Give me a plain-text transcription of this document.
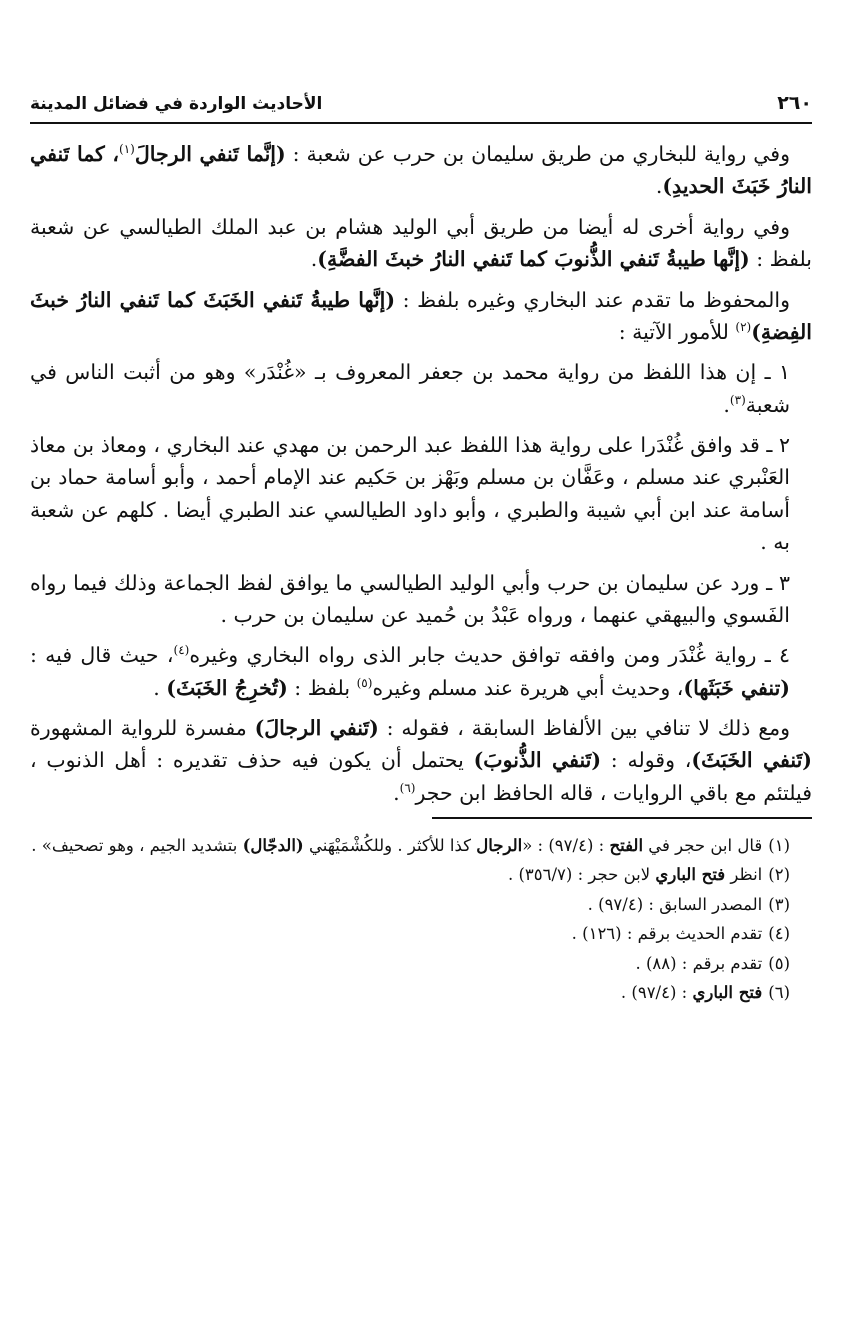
٢٦٠
الأحاديث الواردة في فضائل المدينة

وفي رواية للبخاري من طريق سليمان بن حرب عن شعبة : (إنَّما تَنفي الرجالَ$^{(١)}$، كما تَنفي النارُ خَبَثَ الحديدِ).

وفي رواية أخرى له أيضا من طريق أبي الوليد هشام بن عبد الملك الطيالسي عن شعبة بلفظ : (إنَّها طيبةُ تَنفي الذُّنوبَ كما تَنفي النارُ خبثَ الفضَّةِ).

والمحفوظ ما تقدم عند البخاري وغيره بلفظ : (إنَّها طيبةُ تَنفي الخَبَثَ كما تَنفي النارُ خبثَ الفِضةِ)$^{(٢)}$ للأمور الآتية :

١ ـ إن هذا اللفظ من رواية محمد بن جعفر المعروف بـ «غُنْدَر» وهو من أثبت الناس في شعبة$^{(٣)}$.

٢ ـ قد وافق غُنْدَرا على رواية هذا اللفظ عبد الرحمن بن مهدي عند البخاري ، ومعاذ بن معاذ العَنْبري عند مسلم ، وعَفَّان بن مسلم وبَهْز بن حَكيم عند الإمام أحمد ، وأبو أسامة حماد بن أسامة عند ابن أبي شيبة والطبري ، وأبو داود الطيالسي عند الطبري أيضا . كلهم عن شعبة به .

٣ ـ ورد عن سليمان بن حرب وأبي الوليد الطيالسي ما يوافق لفظ الجماعة وذلك فيما رواه الفَسوي والبيهقي عنهما ، ورواه عَبْدُ بن حُميد عن سليمان بن حرب .

٤ ـ رواية غُنْدَر ومن وافقه توافق حديث جابر الذى رواه البخاري وغيره$^{(٤)}$، حيث قال فيه : (تنفي خَبَثَها)، وحديث أبي هريرة عند مسلم وغيره$^{(٥)}$ بلفظ : (تُخرِجُ الخَبَثَ) .

ومع ذلك لا تنافي بين الألفاظ السابقة ، فقوله : (تَنفي الرجالَ) مفسرة للرواية المشهورة (تَنفي الخَبَثَ)، وقوله : (تَنفي الذُّنوبَ) يحتمل أن يكون فيه حذف تقديره : أهل الذنوب ، فيلتئم مع باقي الروايات ، قاله الحافظ ابن حجر$^{(٦)}$.

(١)قال ابن حجر في الفتح : (٩٧/٤) : «الرجال كذا للأكثر . وللكُشْمَيْهَني (الدجّال) بتشديد الجيم ، وهو تصحيف» .
(٢)انظر فتح الباري لابن حجر : (٣٥٦/٧) .
(٣)المصدر السابق : (٩٧/٤) .
(٤)تقدم الحديث برقم : (١٢٦) .
(٥)تقدم برقم : (٨٨) .
(٦)فتح الباري : (٩٧/٤) .
